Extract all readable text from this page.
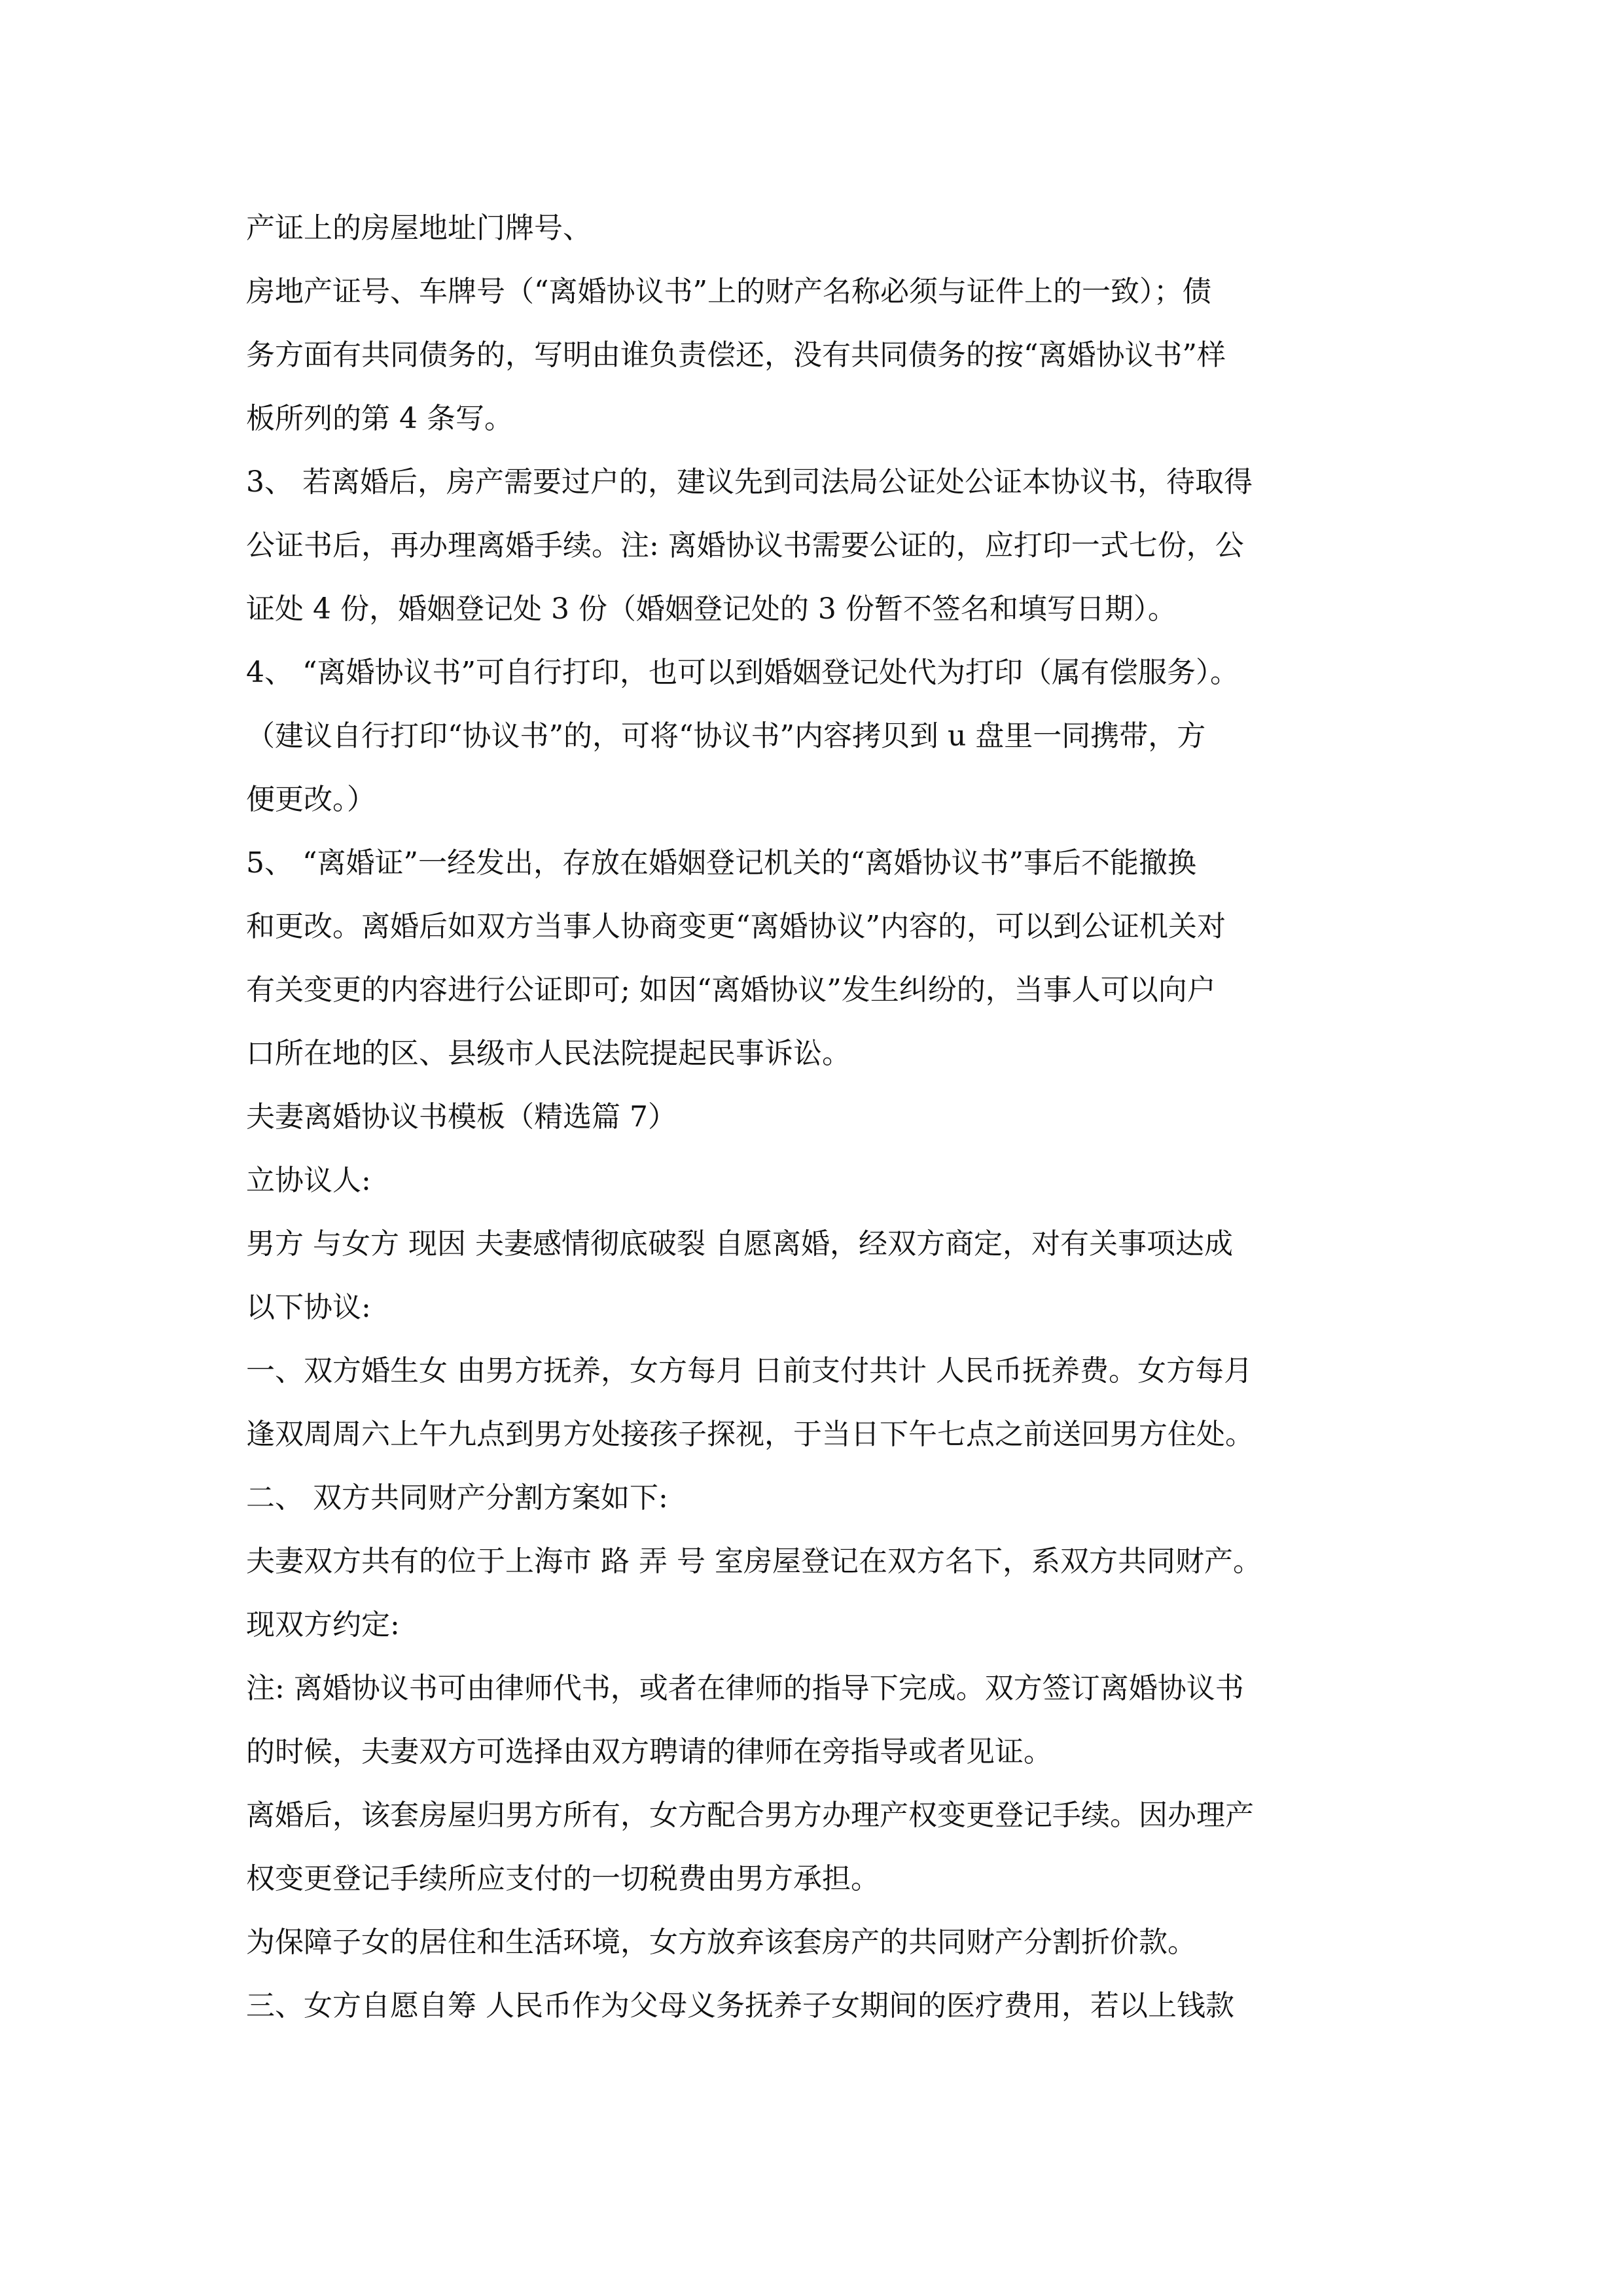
产证上的房屋地址门牌号、
房地产证号、车牌号（“离婚协议书”上的财产名称必须与证件上的一致）；债
务方面有共同债务的，写明由谁负责偿还，没有共同债务的按“离婚协议书”样
板所列的第 4 条写。
3、 若离婚后，房产需要过户的，建议先到司法局公证处公证本协议书，待取得
公证书后，再办理离婚手续。注: 离婚协议书需要公证的，应打印一式七份，公
证处 4 份，婚姻登记处 3 份（婚姻登记处的 3 份暂不签名和填写日期）。
4、 “离婚协议书”可自行打印，也可以到婚姻登记处代为打印（属有偿服务）。
（建议自行打印“协议书”的，可将“协议书”内容拷贝到 u 盘里一同携带，方
便更改。）
5、 “离婚证”一经发出，存放在婚姻登记机关的“离婚协议书”事后不能撤换
和更改。离婚后如双方当事人协商变更“离婚协议”内容的，可以到公证机关对
有关变更的内容进行公证即可; 如因“离婚协议”发生纠纷的，当事人可以向户
口所在地的区、县级市人民法院提起民事诉讼。
夫妻离婚协议书模板（精选篇 7）
立协议人:
男方 与女方 现因 夫妻感情彻底破裂 自愿离婚，经双方商定，对有关事项达成
以下协议:
一、双方婚生女 由男方抚养，女方每月 日前支付共计 人民币抚养费。女方每月
逢双周周六上午九点到男方处接孩子探视，于当日下午七点之前送回男方住处。
二、 双方共同财产分割方案如下:
夫妻双方共有的位于上海市 路 弄 号 室房屋登记在双方名下，系双方共同财产。
现双方约定:
注: 离婚协议书可由律师代书，或者在律师的指导下完成。双方签订离婚协议书
的时候，夫妻双方可选择由双方聘请的律师在旁指导或者见证。
离婚后，该套房屋归男方所有，女方配合男方办理产权变更登记手续。因办理产
权变更登记手续所应支付的一切税费由男方承担。
为保障子女的居住和生活环境，女方放弃该套房产的共同财产分割折价款。
三、女方自愿自筹 人民币作为父母义务抚养子女期间的医疗费用，若以上钱款
